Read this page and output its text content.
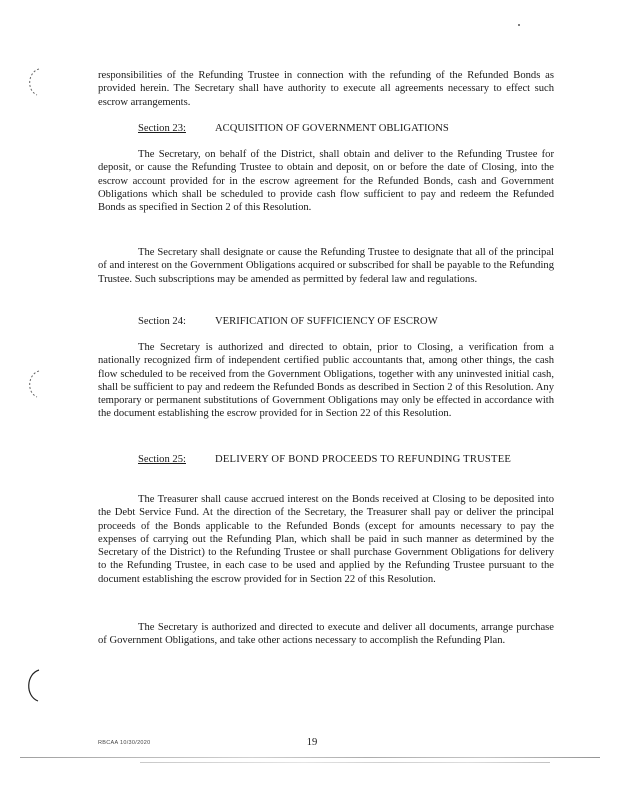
responsibilities of the Refunding Trustee in connection with the refunding of the Refunded Bonds as provided herein. The Secretary shall have authority to execute all agreements necessary to effect such escrow arrangements.

Section 23:	ACQUISITION OF GOVERNMENT OBLIGATIONS

The Secretary, on behalf of the District, shall obtain and deliver to the Refunding Trustee for deposit, or cause the Refunding Trustee to obtain and deposit, on or before the date of Closing, into the escrow account provided for in the escrow agreement for the Refunded Bonds, cash and Government Obligations which shall be scheduled to provide cash flow sufficient to pay and redeem the Refunded Bonds as specified in Section 2 of this Resolution.

The Secretary shall designate or cause the Refunding Trustee to designate that all of the principal of and interest on the Government Obligations acquired or subscribed for shall be payable to the Refunding Trustee. Such subscriptions may be amended as permitted by federal law and regulations.

Section 24:	VERIFICATION OF SUFFICIENCY OF ESCROW

The Secretary is authorized and directed to obtain, prior to Closing, a verification from a nationally recognized firm of independent certified public accountants that, among other things, the cash flow scheduled to be received from the Government Obligations, together with any uninvested initial cash, shall be sufficient to pay and redeem the Refunded Bonds as described in Section 2 of this Resolution. Any temporary or permanent substitutions of Government Obligations may only be effected in accordance with the document establishing the escrow provided for in Section 22 of this Resolution.

Section 25:	DELIVERY OF BOND PROCEEDS TO REFUNDING TRUSTEE

The Treasurer shall cause accrued interest on the Bonds received at Closing to be deposited into the Debt Service Fund. At the direction of the Secretary, the Treasurer shall pay or deliver the principal proceeds of the Bonds applicable to the Refunded Bonds (except for amounts necessary to pay the expenses of carrying out the Refunding Plan, which shall be paid in such manner as determined by the Secretary of the District) to the Refunding Trustee or shall purchase Government Obligations for delivery to the Refunding Trustee, in each case to be used and applied by the Refunding Trustee pursuant to the document establishing the escrow provided for in Section 22 of this Resolution.

The Secretary is authorized and directed to execute and deliver all documents, arrange purchase of Government Obligations, and take other actions necessary to accomplish the Refunding Plan.

RBCAA 10/30/2020	19
